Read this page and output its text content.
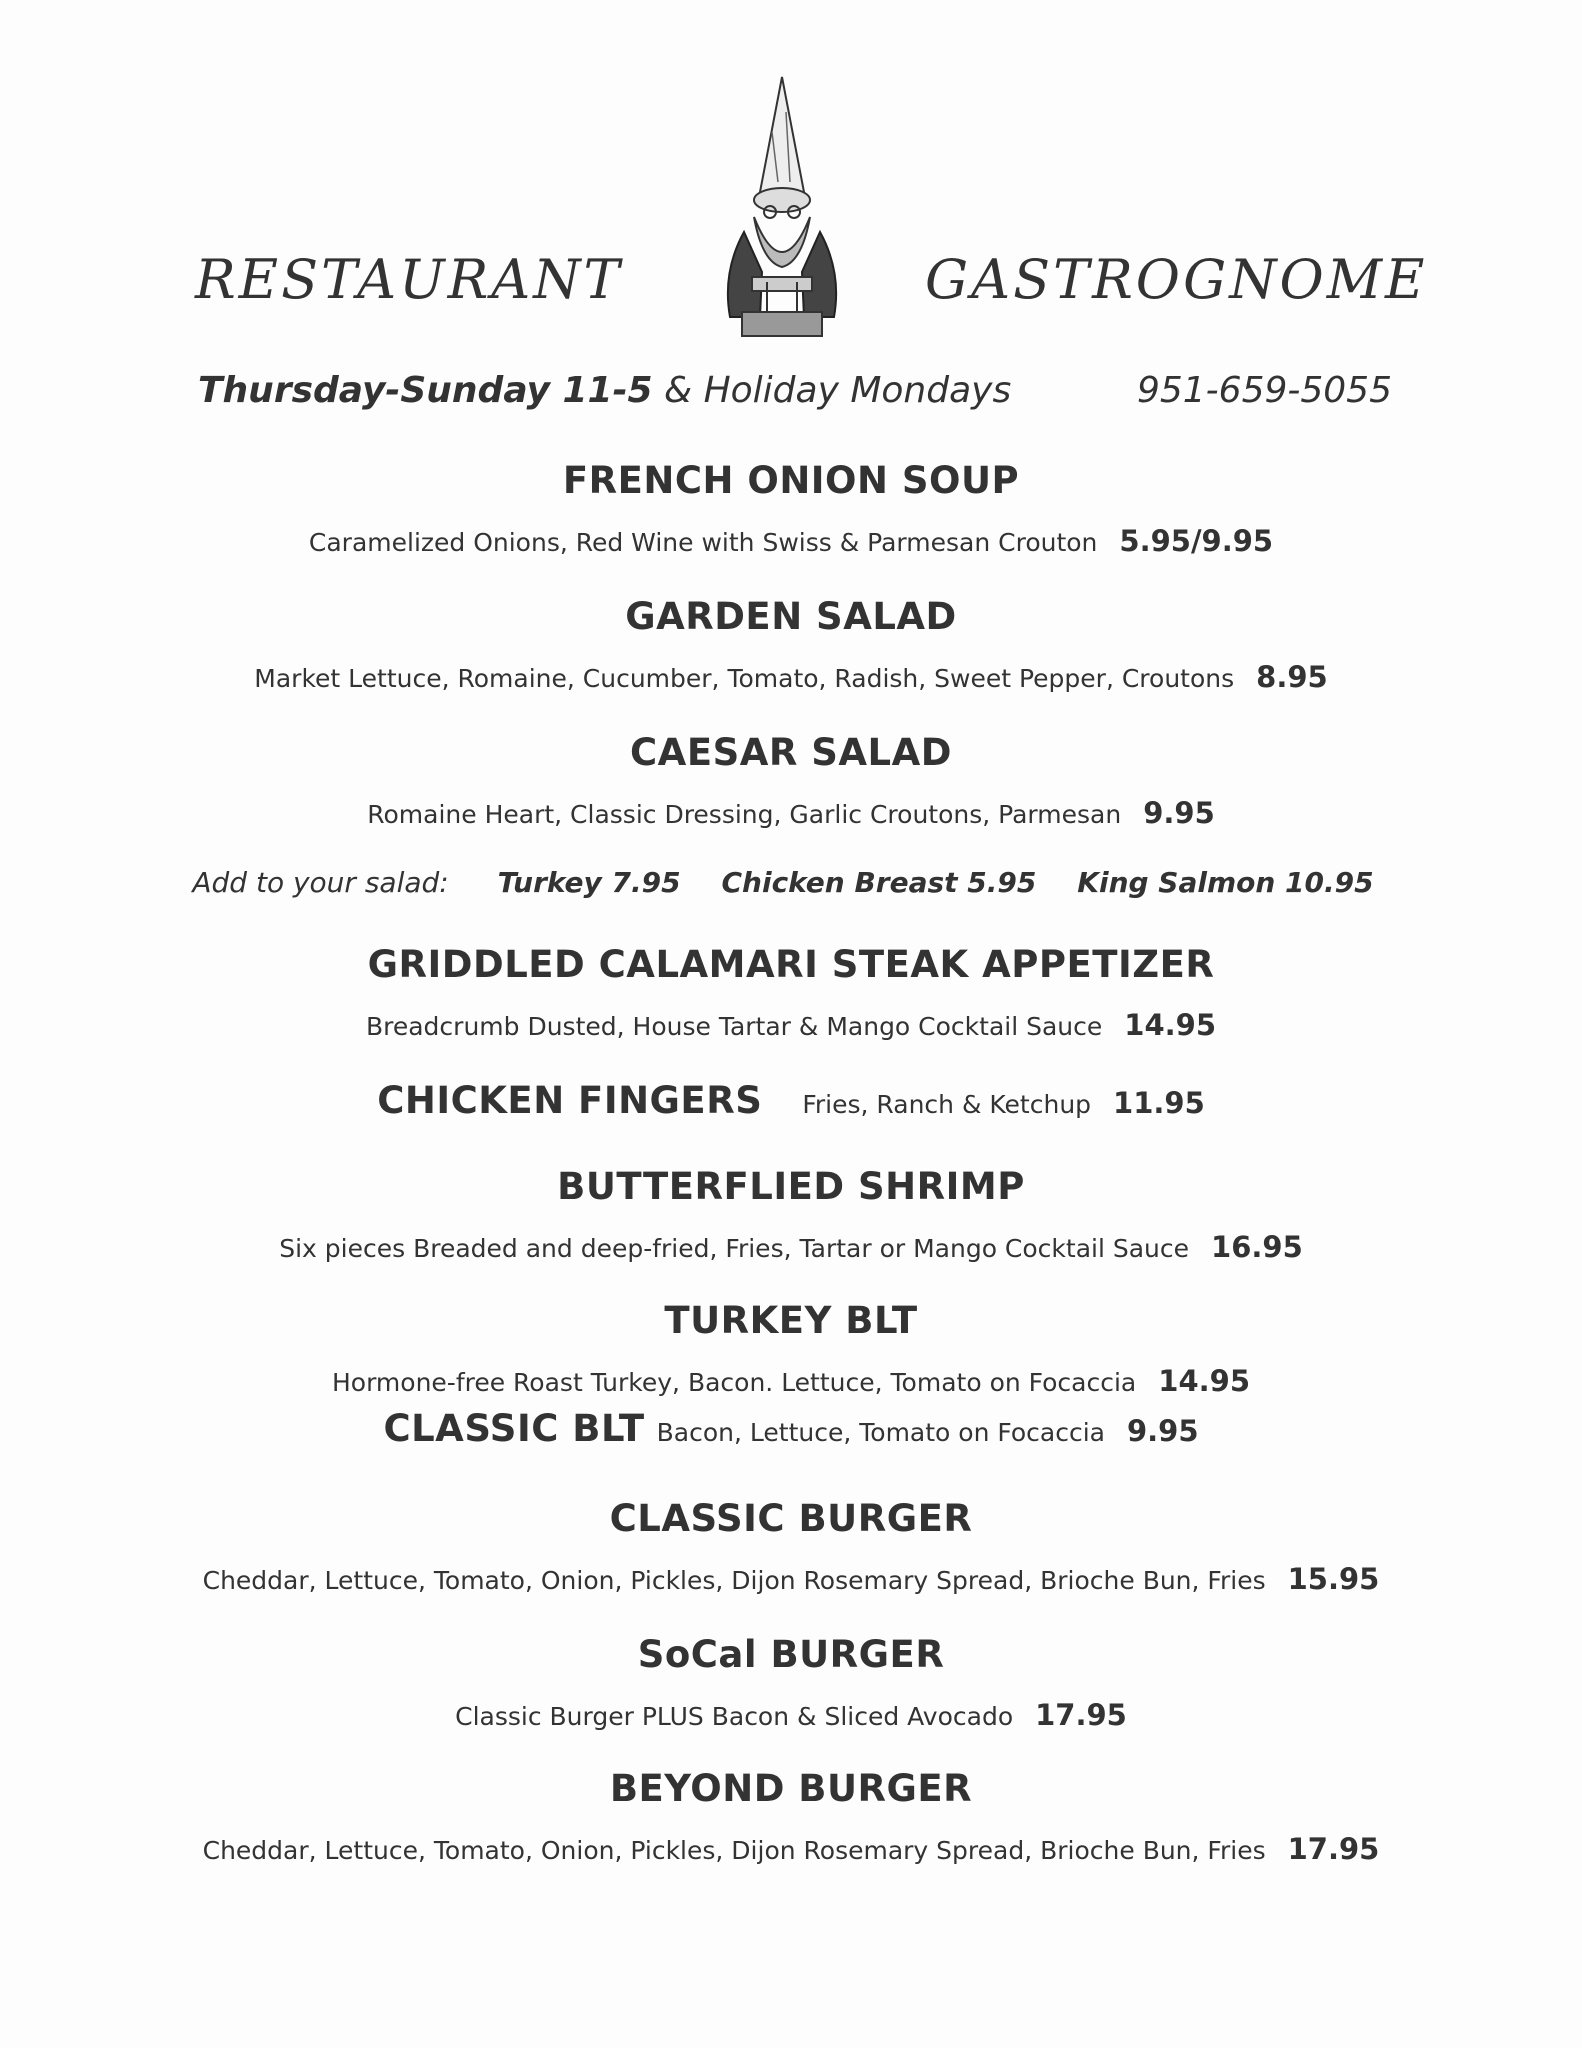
RESTAURANT	GASTROGNOME
Thursday-Sunday 11-5 & Holiday Mondays	951-659-5055
FRENCH ONION SOUP
Caramelized Onions, Red Wine with Swiss & Parmesan Crouton 5.95/9.95
GARDEN SALAD
Market Lettuce, Romaine, Cucumber, Tomato, Radish, Sweet Pepper, Croutons 8.95
CAESAR SALAD
Romaine Heart, Classic Dressing, Garlic Croutons, Parmesan 9.95
Add to your salad: Turkey 7.95 Chicken Breast 5.95 King Salmon 10.95
GRIDDLED CALAMARI STEAK APPETIZER
Breadcrumb Dusted, House Tartar & Mango Cocktail Sauce 14.95
CHICKEN FINGERS Fries, Ranch & Ketchup 11.95
BUTTERFLIED SHRIMP
Six pieces Breaded and deep-fried, Fries, Tartar or Mango Cocktail Sauce 16.95
TURKEY BLT
Hormone-free Roast Turkey, Bacon. Lettuce, Tomato on Focaccia 14.95
CLASSIC BLT Bacon, Lettuce, Tomato on Focaccia 9.95
CLASSIC BURGER
Cheddar, Lettuce, Tomato, Onion, Pickles, Dijon Rosemary Spread, Brioche Bun, Fries 15.95
SoCal BURGER
Classic Burger PLUS Bacon & Sliced Avocado 17.95
BEYOND BURGER
Cheddar, Lettuce, Tomato, Onion, Pickles, Dijon Rosemary Spread, Brioche Bun, Fries 17.95
